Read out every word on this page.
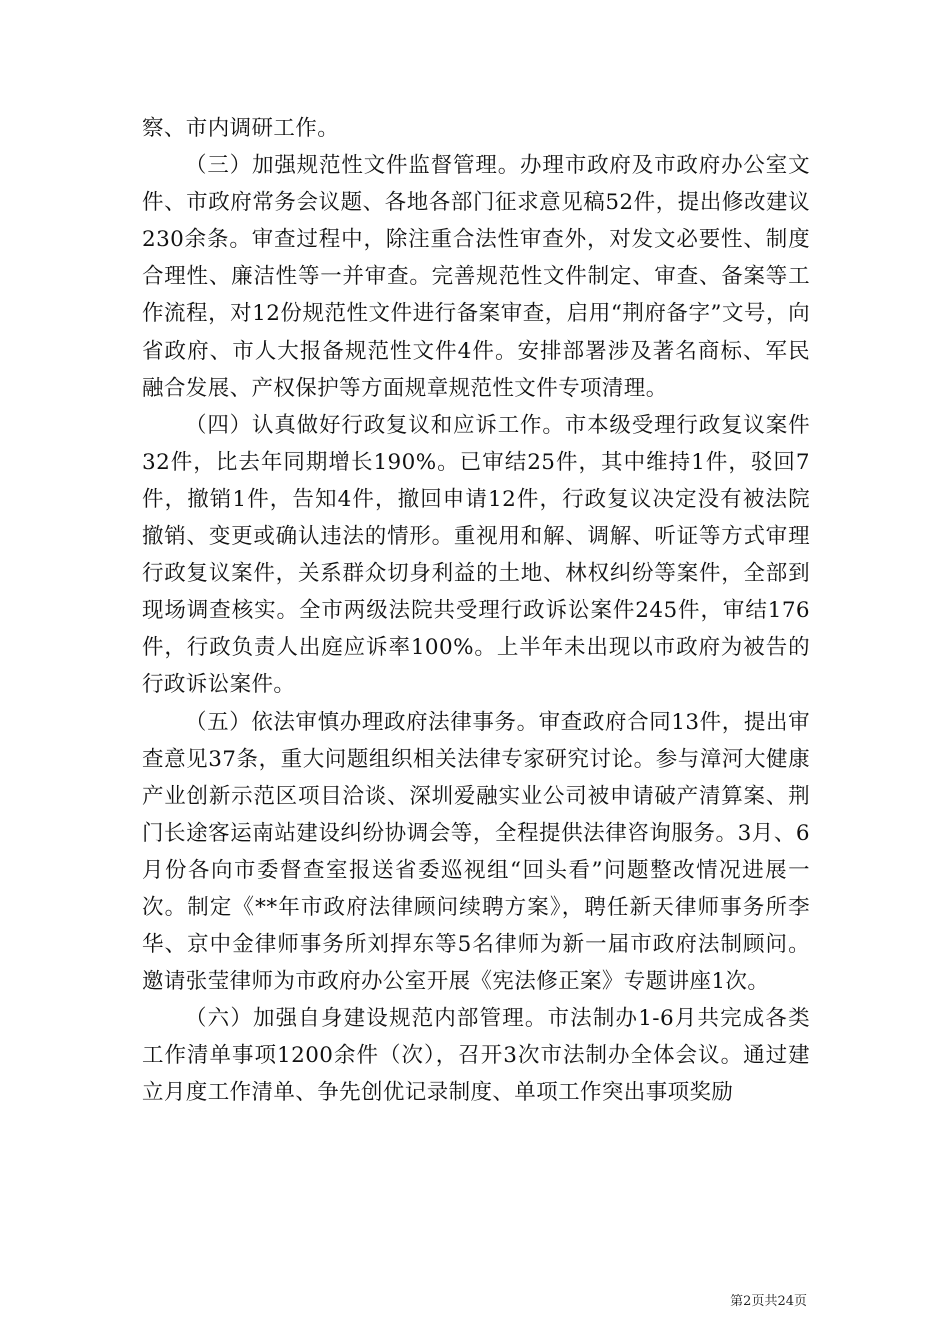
察、市内调研工作。

（三）加强规范性文件监督管理。办理市政府及市政府办公室文件、市政府常务会议题、各地各部门征求意见稿52件，提出修改建议230余条。审查过程中，除注重合法性审查外，对发文必要性、制度合理性、廉洁性等一并审查。完善规范性文件制定、审查、备案等工作流程，对12份规范性文件进行备案审查，启用“荆府备字”文号，向省政府、市人大报备规范性文件4件。安排部署涉及著名商标、军民融合发展、产权保护等方面规章规范性文件专项清理。

（四）认真做好行政复议和应诉工作。市本级受理行政复议案件32件，比去年同期增长190%。已审结25件，其中维持1件，驳回7件，撤销1件，告知4件，撤回申请12件，行政复议决定没有被法院撤销、变更或确认违法的情形。重视用和解、调解、听证等方式审理行政复议案件，关系群众切身利益的土地、林权纠纷等案件，全部到现场调查核实。全市两级法院共受理行政诉讼案件245件，审结176件，行政负责人出庭应诉率100%。上半年未出现以市政府为被告的行政诉讼案件。

（五）依法审慎办理政府法律事务。审查政府合同13件，提出审查意见37条，重大问题组织相关法律专家研究讨论。参与漳河大健康产业创新示范区项目洽谈、深圳爱融实业公司被申请破产清算案、荆门长途客运南站建设纠纷协调会等，全程提供法律咨询服务。3月、6月份各向市委督查室报送省委巡视组“回头看”问题整改情况进展一次。制定《**年市政府法律顾问续聘方案》，聘任新天律师事务所李华、京中金律师事务所刘捍东等5名律师为新一届市政府法制顾问。邀请张莹律师为市政府办公室开展《宪法修正案》专题讲座1次。

（六）加强自身建设规范内部管理。市法制办1-6月共完成各类工作清单事项1200余件（次），召开3次市法制办全体会议。通过建立月度工作清单、争先创优记录制度、单项工作突出事项奖励

第2页共24页
